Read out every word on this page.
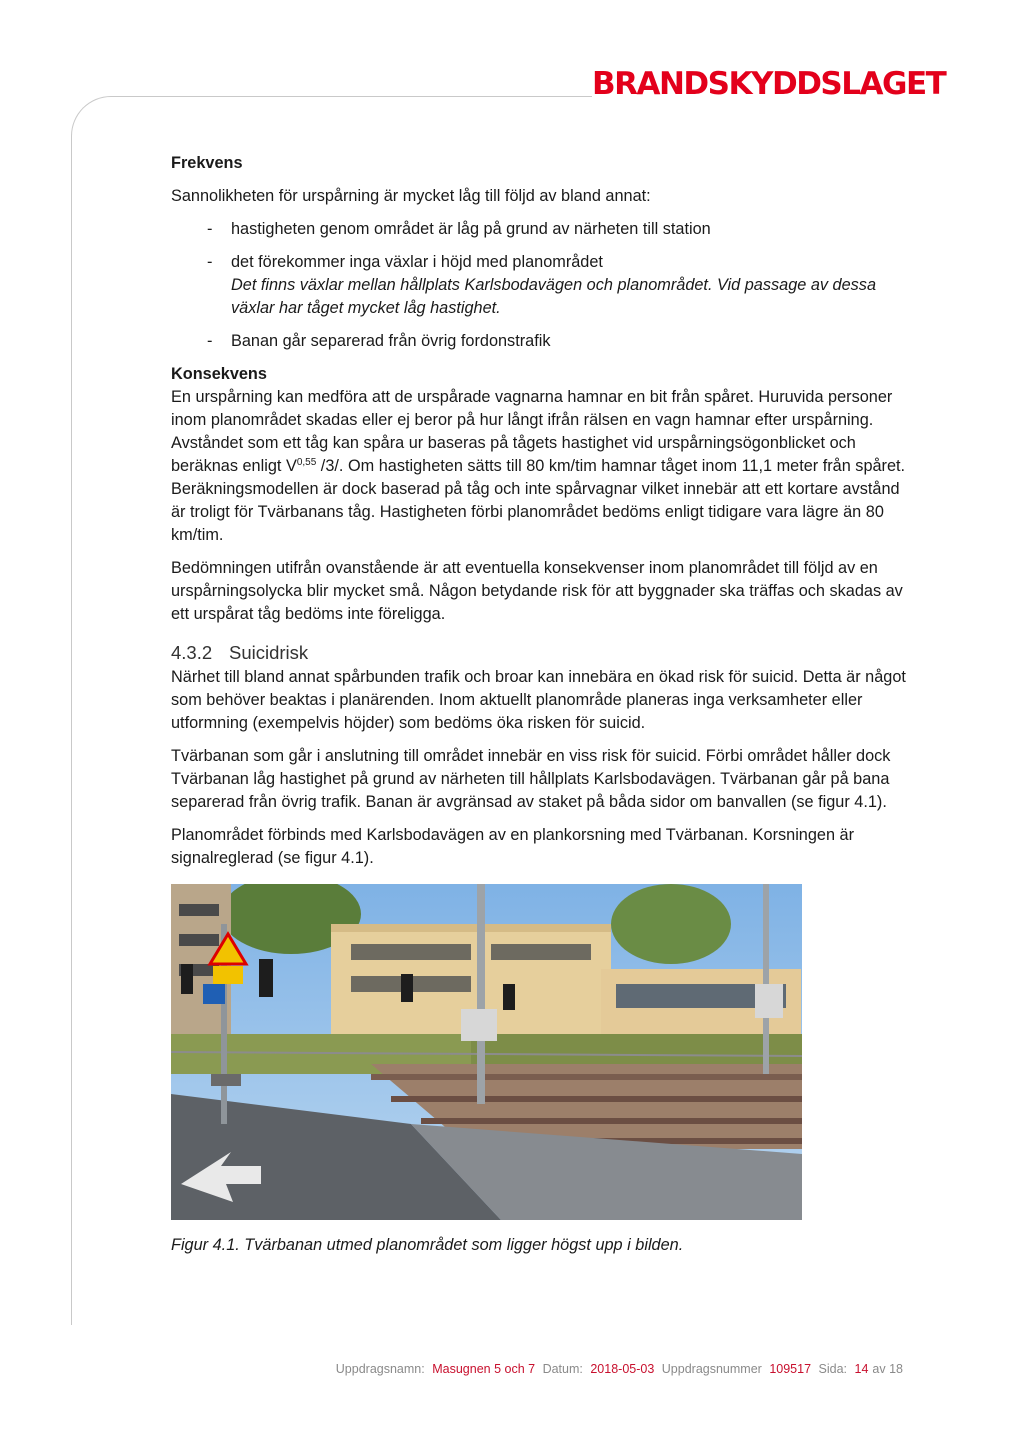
BRANDSKYDDSLAGET
Frekvens

Sannolikheten för urspårning är mycket låg till följd av bland annat:

-	hastigheten genom området är låg på grund av närheten till station
-	det förekommer inga växlar i höjd med planområdet
Det finns växlar mellan hållplats Karlsbodavägen och planområdet. Vid passage av dessa växlar har tåget mycket låg hastighet.
-	Banan går separerad från övrig fordonstrafik
Konsekvens

En urspårning kan medföra att de urspårade vagnarna hamnar en bit från spåret. Huruvida personer inom planområdet skadas eller ej beror på hur långt ifrån rälsen en vagn hamnar efter urspårning. Avståndet som ett tåg kan spåra ur baseras på tågets hastighet vid urspårningsögonblicket och beräknas enligt V$^{0,55}$ /3/. Om hastigheten sätts till 80 km/tim hamnar tåget inom 11,1 meter från spåret. Beräkningsmodellen är dock baserad på tåg och inte spårvagnar vilket innebär att ett kortare avstånd är troligt för Tvärbanans tåg. Hastigheten förbi planområdet bedöms enligt tidigare vara lägre än 80 km/tim.

Bedömningen utifrån ovanstående är att eventuella konsekvenser inom planområdet till följd av en urspårningsolycka blir mycket små. Någon betydande risk för att byggnader ska träffas och skadas av ett urspårat tåg bedöms inte föreligga.

4.3.2 Suicidrisk

Närhet till bland annat spårbunden trafik och broar kan innebära en ökad risk för suicid. Detta är något som behöver beaktas i planärenden. Inom aktuellt planområde planeras inga verksamheter eller utformning (exempelvis höjder) som bedöms öka risken för suicid.

Tvärbanan som går i anslutning till området innebär en viss risk för suicid. Förbi området håller dock Tvärbanan låg hastighet på grund av närheten till hållplats Karlsbodavägen. Tvärbanan går på bana separerad från övrig trafik. Banan är avgränsad av staket på båda sidor om banvallen (se figur 4.1).

Planområdet förbinds med Karlsbodavägen av en plankorsning med Tvärbanan. Korsningen är signalreglerad (se figur 4.1).

Figur 4.1. Tvärbanan utmed planområdet som ligger högst upp i bilden.
Uppdragsnamn: Masugnen 5 och 7 Datum: 2018-05-03 Uppdragsnummer 109517 Sida: 14 av 18
